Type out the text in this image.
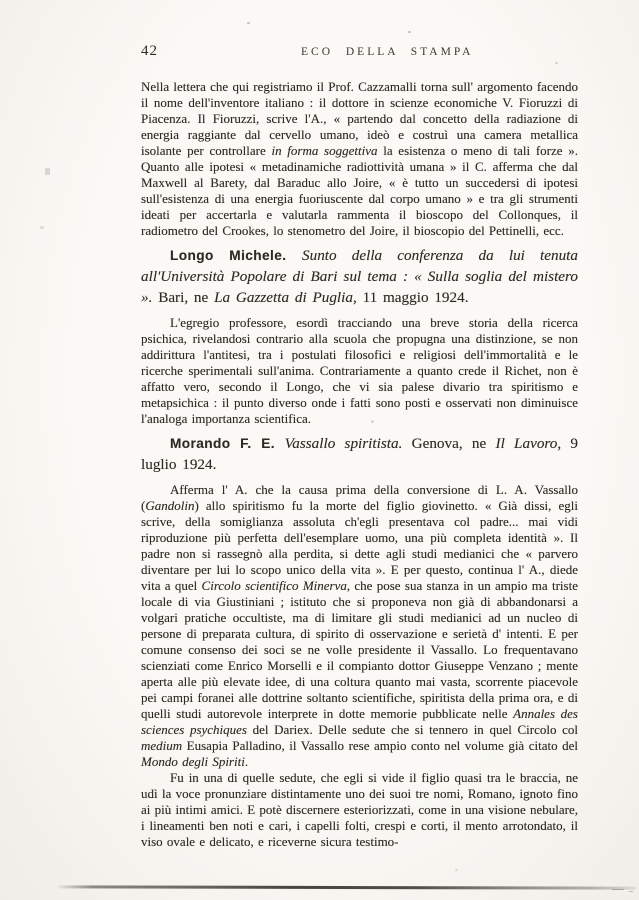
42	ECO DELLA STAMPA

Nella lettera che qui registriamo il Prof. Cazzamalli torna sull' argomento facendo il nome dell'inventore italiano : il dottore in scienze economiche V. Fioruzzi di Piacenza. Il Fioruzzi, scrive l'A., « partendo dal concetto della radiazione di energia raggiante dal cervello umano, ideò e costruì una camera metallica isolante per controllare in forma soggettiva la esistenza o meno di tali forze ». Quanto alle ipotesi « metadinamiche radiottività umana » il C. afferma che dal Maxwell al Barety, dal Baraduc allo Joire, « è tutto un succedersi di ipotesi sull'esistenza di una energia fuoriuscente dal corpo umano » e tra gli strumenti ideati per accertarla e valutarla rammenta il bioscopo del Collonques, il radiometro del Crookes, lo stenometro del Joire, il bioscopio del Pettinelli, ecc.

Longo Michele. Sunto della conferenza da lui tenuta all'Università Popolare di Bari sul tema : « Sulla soglia del mistero ». Bari, ne La Gazzetta di Puglia, 11 maggio 1924.

L'egregio professore, esordì tracciando una breve storia della ricerca psichica, rivelandosi contrario alla scuola che propugna una distinzione, se non addirittura l'antitesi, tra i postulati filosofici e religiosi dell'immortalità e le ricerche sperimentali sull'anima. Contrariamente a quanto crede il Richet, non è affatto vero, secondo il Longo, che vi sia palese divario tra spiritismo e metapsichica : il punto diverso onde i fatti sono posti e osservati non diminuisce l'analoga importanza scientifica.

Morando F. E. Vassallo spiritista. Genova, ne Il Lavoro, 9 luglio 1924.

Afferma l' A. che la causa prima della conversione di L. A. Vassallo (Gandolin) allo spiritismo fu la morte del figlio giovinetto. « Già dissi, egli scrive, della somiglianza assoluta ch'egli presentava col padre... mai vidi riproduzione più perfetta dell'esemplare uomo, una più completa identità ». Il padre non si rassegnò alla perdita, si dette agli studi medianici che « parvero diventare per lui lo scopo unico della vita ». E per questo, continua l' A., diede vita a quel Circolo scientifico Minerva, che pose sua stanza in un ampio ma triste locale di via Giustiniani ; istituto che si proponeva non già di abbandonarsi a volgari pratiche occultiste, ma di limitare gli studi medianici ad un nucleo di persone di preparata cultura, di spirito di osservazione e serietà d' intenti. E per comune consenso dei soci se ne volle presidente il Vassallo. Lo frequentavano scienziati come Enrico Morselli e il compianto dottor Giuseppe Venzano ; mente aperta alle più elevate idee, di una coltura quanto mai vasta, scorrente piacevole pei campi foranei alle dottrine soltanto scientifiche, spiritista della prima ora, e di quelli studi autorevole interprete in dotte memorie pubblicate nelle Annales des sciences psychiques del Dariex. Delle sedute che si tennero in quel Circolo col medium Eusapia Palladino, il Vassallo rese ampio conto nel volume già citato del Mondo degli Spiriti.

Fu in una di quelle sedute, che egli si vide il figlio quasi tra le braccia, ne udì la voce pronunziare distintamente uno dei suoi tre nomi, Romano, ignoto fino ai più intimi amici. E potè discernere esteriorizzati, come in una visione nebulare, i lineamenti ben noti e cari, i capelli folti, crespi e corti, il mento arrotondato, il viso ovale e delicato, e riceverne sicura testimo-
